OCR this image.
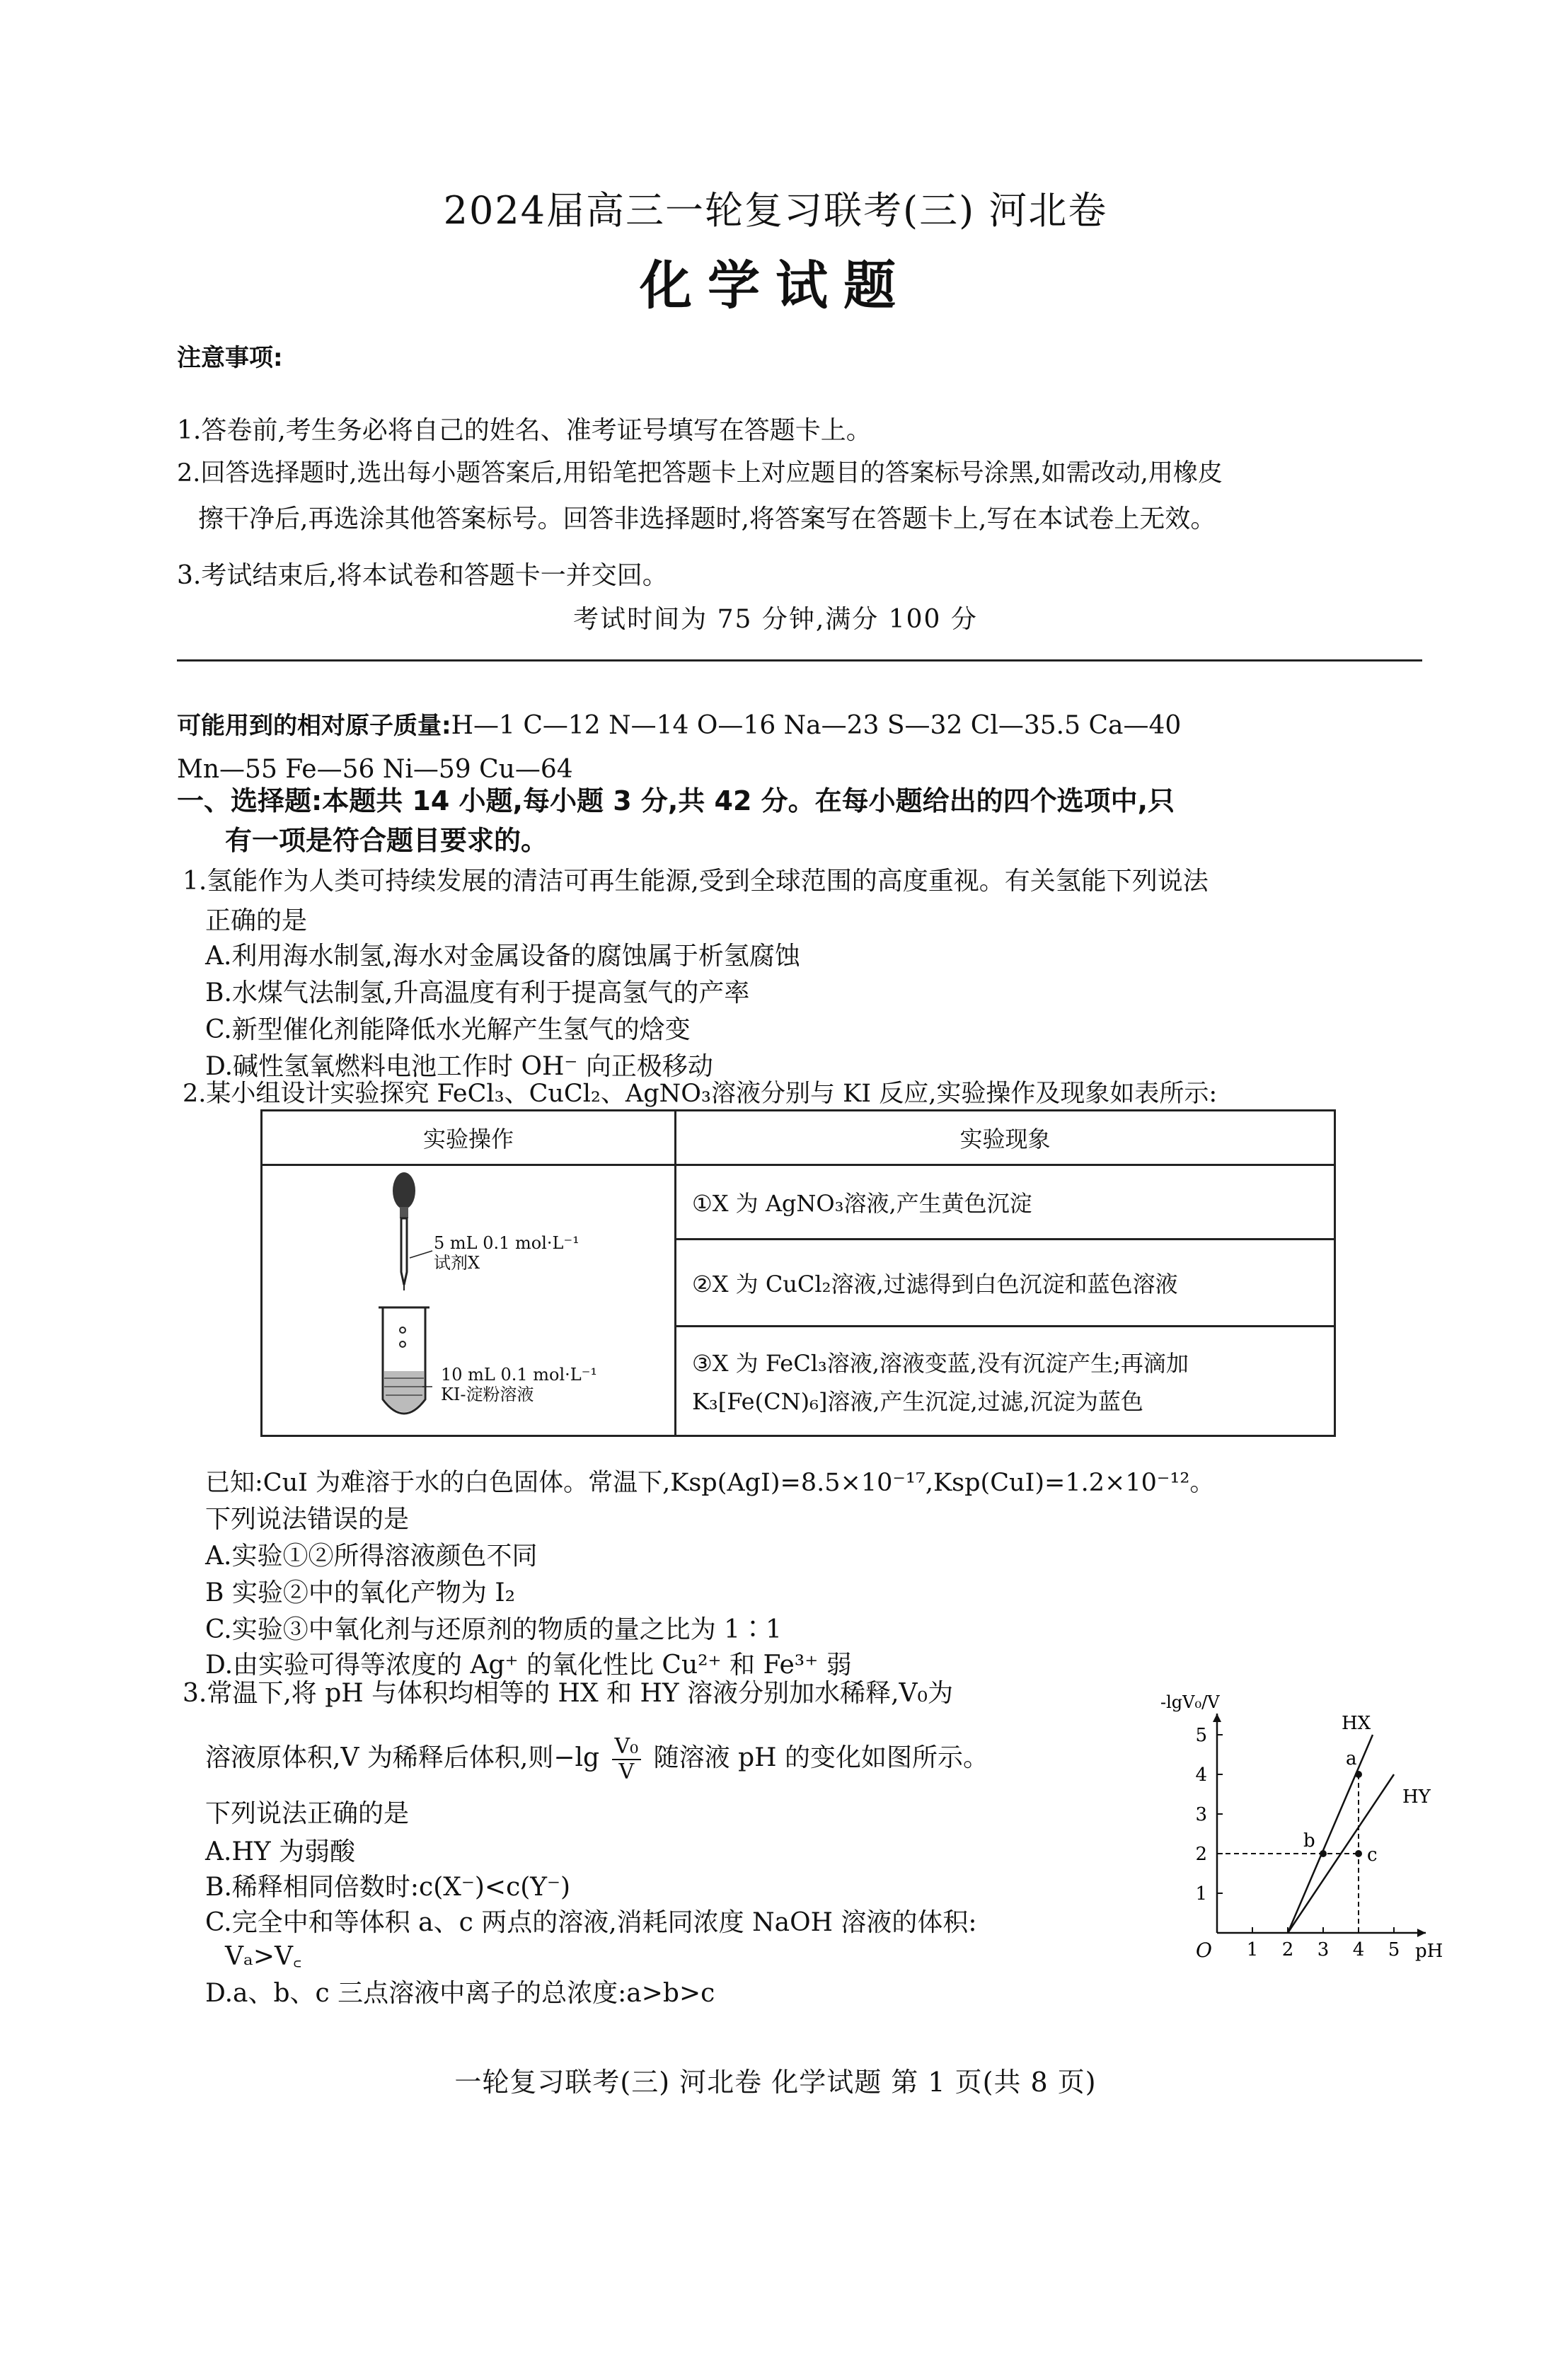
2024届高三一轮复习联考(三) 河北卷
化学试题
注意事项:
1.答卷前,考生务必将自己的姓名、准考证号填写在答题卡上。
2.回答选择题时,选出每小题答案后,用铅笔把答题卡上对应题目的答案标号涂黑,如需改动,用橡皮
擦干净后,再选涂其他答案标号。回答非选择题时,将答案写在答题卡上,写在本试卷上无效。
3.考试结束后,将本试卷和答题卡一并交回。
考试时间为 75 分钟,满分 100 分
可能用到的相对原子质量:H—1 C—12 N—14 O—16 Na—23 S—32 Cl—35.5 Ca—40
Mn—55 Fe—56 Ni—59 Cu—64
一、选择题:本题共 14 小题,每小题 3 分,共 42 分。在每小题给出的四个选项中,只
有一项是符合题目要求的。
1.氢能作为人类可持续发展的清洁可再生能源,受到全球范围的高度重视。有关氢能下列说法
正确的是
A.利用海水制氢,海水对金属设备的腐蚀属于析氢腐蚀
B.水煤气法制氢,升高温度有利于提高氢气的产率
C.新型催化剂能降低水光解产生氢气的焓变
D.碱性氢氧燃料电池工作时 OH⁻ 向正极移动
2.某小组设计实验探究 FeCl₃、CuCl₂、AgNO₃溶液分别与 KI 反应,实验操作及现象如表所示:
实验操作	实验现象

5 mL 0.1 mol·L⁻¹
试剂X
10 mL 0.1 mol·L⁻¹
KI-淀粉溶液	①X 为 AgNO₃溶液,产生黄色沉淀
	②X 为 CuCl₂溶液,过滤得到白色沉淀和蓝色溶液

	③X 为 FeCl₃溶液,溶液变蓝,没有沉淀产生;再滴加
K₃[Fe(CN)₆]溶液,产生沉淀,过滤,沉淀为蓝色
已知:CuI 为难溶于水的白色固体。常温下,Ksp(AgI)=8.5×10⁻¹⁷,Ksp(CuI)=1.2×10⁻¹²。
下列说法错误的是
A.实验①②所得溶液颜色不同
B 实验②中的氧化产物为 I₂
C.实验③中氧化剂与还原剂的物质的量之比为 1∶1
D.由实验可得等浓度的 Ag⁺ 的氧化性比 Cu²⁺ 和 Fe³⁺ 弱
3.常温下,将 pH 与体积均相等的 HX 和 HY 溶液分别加水稀释,V₀为
溶液原体积,V 为稀释后体积,则$-\lg \frac{\text{V₀}}{V}$ 随溶液 pH 的变化如图所示。
下列说法正确的是
A.HY 为弱酸
B.稀释相同倍数时:c(X⁻)<c(Y⁻)
C.完全中和等体积 a、c 两点的溶液,消耗同浓度 NaOH 溶液的体积:
Vₐ>V꜀
D.a、b、c 三点溶液中离子的总浓度:a>b>c
1 2 3 4 5
1
2
3
4
5
O	pH
-lgV₀/V
HX
HY
a
b
c
一轮复习联考(三) 河北卷 化学试题 第 1 页(共 8 页)
